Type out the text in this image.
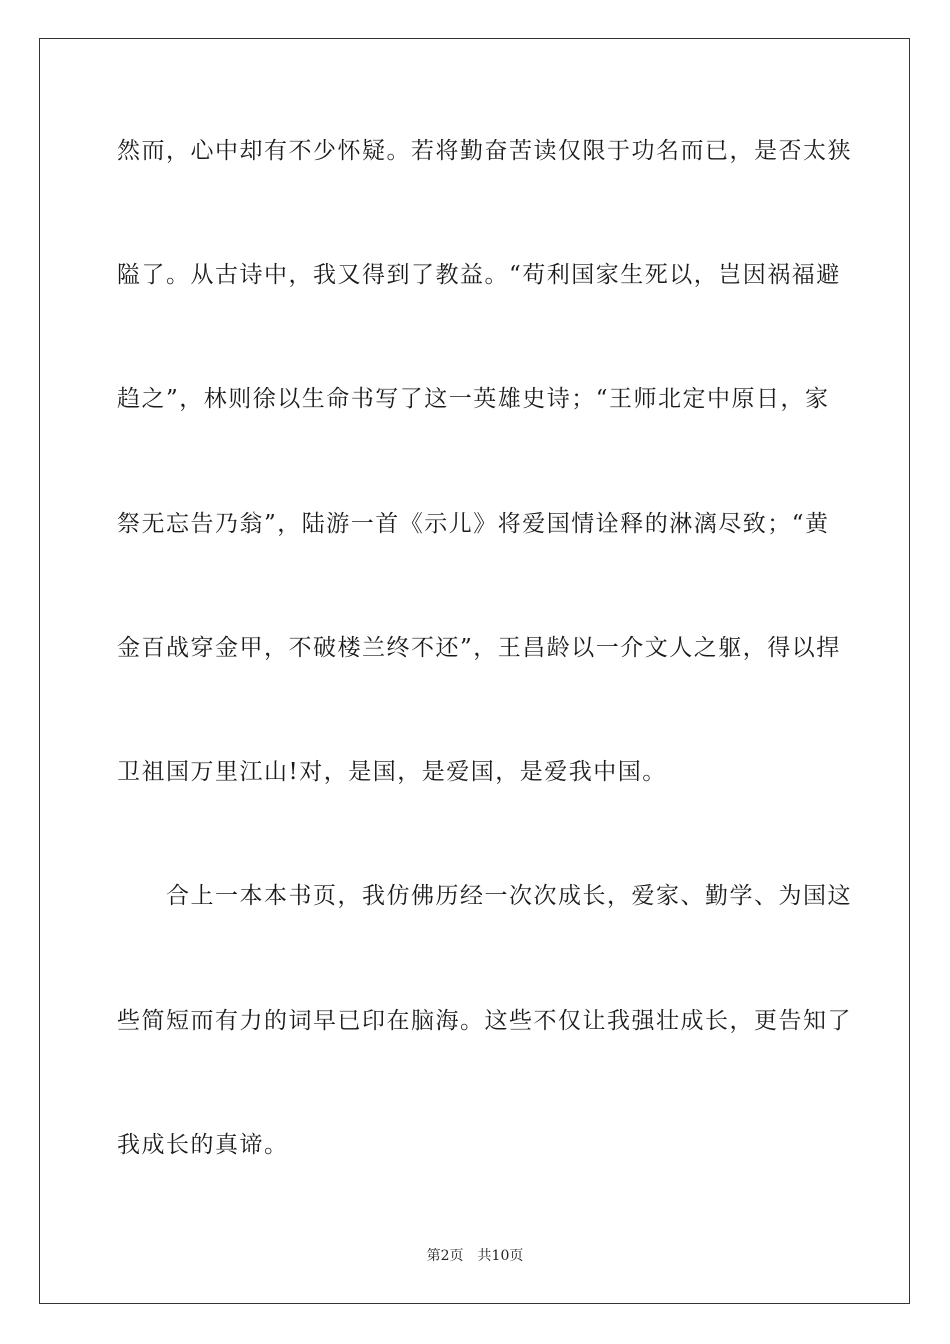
然而，心中却有不少怀疑。若将勤奋苦读仅限于功名而已，是否太狭
隘了。从古诗中，我又得到了教益。“苟利国家生死以，岂因祸福避
趋之”，林则徐以生命书写了这一英雄史诗；“王师北定中原日，家
祭无忘告乃翁”，陆游一首《示儿》将爱国情诠释的淋漓尽致；“黄
金百战穿金甲，不破楼兰终不还”，王昌龄以一介文人之躯，得以捍
卫祖国万里江山!对，是国，是爱国，是爱我中国。
　　合上一本本书页，我仿佛历经一次次成长，爱家、勤学、为国这
些简短而有力的词早已印在脑海。这些不仅让我强壮成长，更告知了
我成长的真谛。
第2页 共10页
